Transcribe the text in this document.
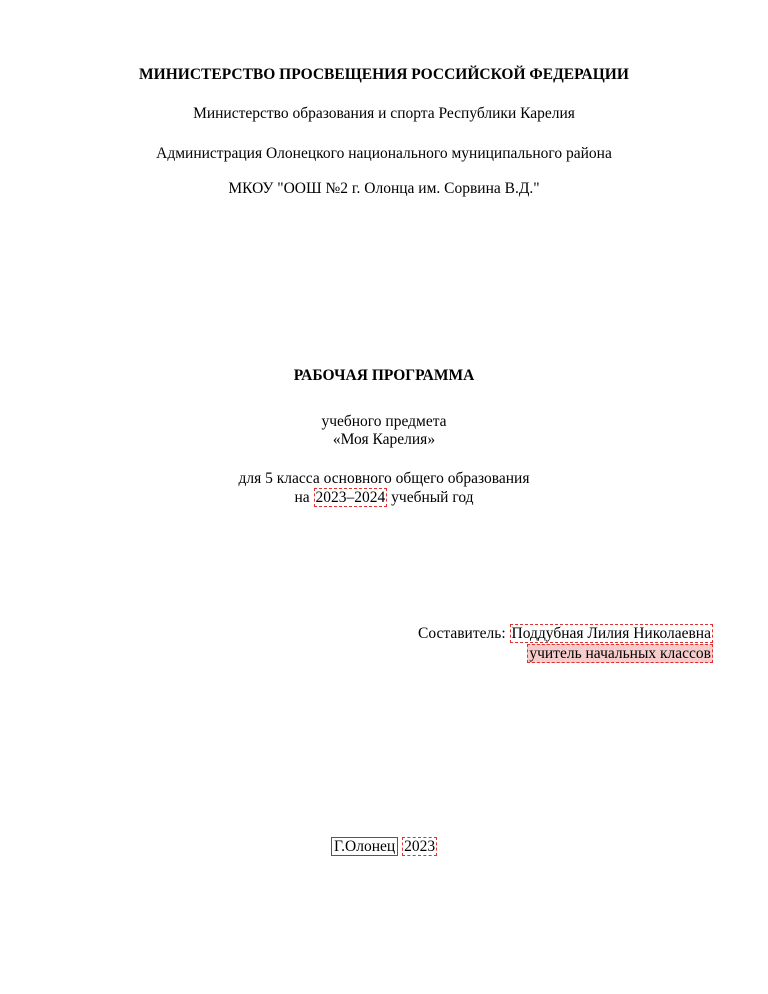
МИНИСТЕРСТВО ПРОСВЕЩЕНИЯ РОССИЙСКОЙ ФЕДЕРАЦИИ
Министерство образования и спорта Республики Карелия
Администрация Олонецкого национального муниципального района
МКОУ "ООШ №2 г. Олонца им. Сорвина В.Д."
РАБОЧАЯ ПРОГРАММА
учебного предмета
«Моя Карелия»
для 5 класса основного общего образования
на 2023–2024 учебный год
Составитель: Поддубная Лилия Николаевна
учитель начальных классов
Г.Олонец 2023
